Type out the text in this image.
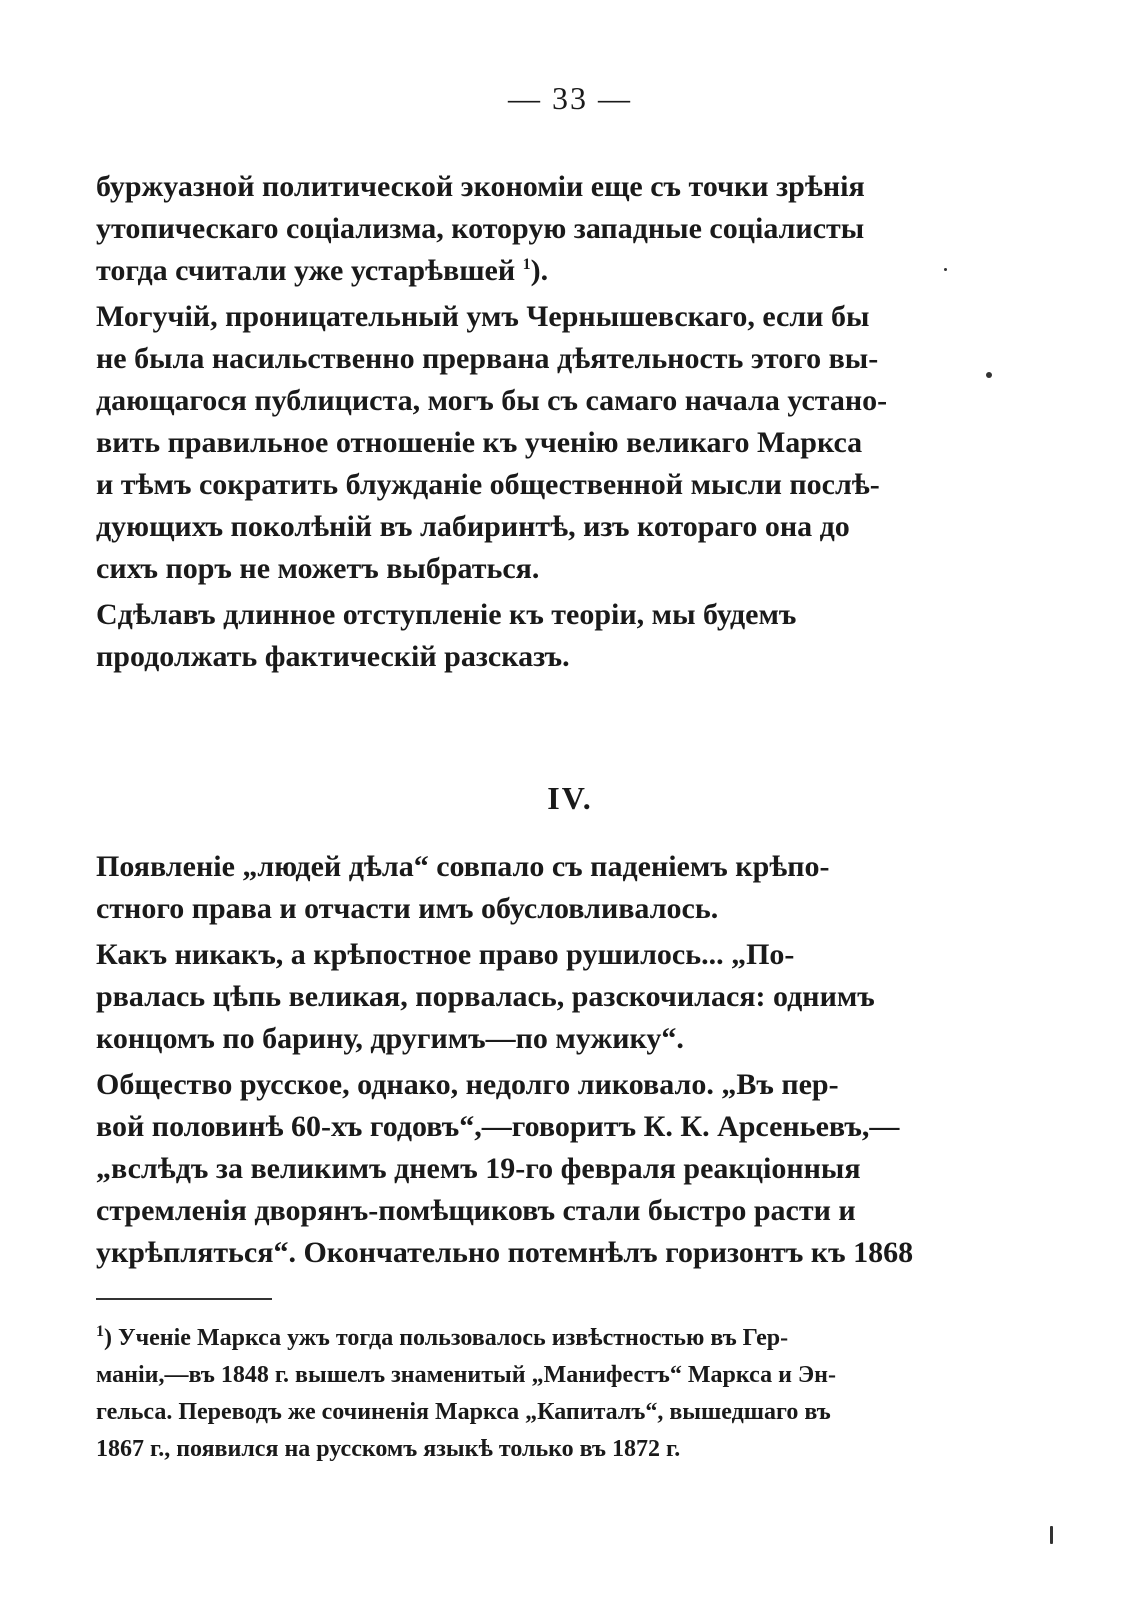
— 33 —
буржуазной политической экономіи еще съ точки зрѣнія
утопическаго соціализма, которую западные соціалисты
тогда считали уже устарѣвшей $^1$).
Могучій, проницательный умъ Чернышевскаго, если бы
не была насильственно прервана дѣятельность этого вы-
дающагося публициста, могъ бы съ самаго начала устано-
вить правильное отношеніе къ ученію великаго Маркса
и тѣмъ сократить блужданіе общественной мысли послѣ-
дующихъ поколѣній въ лабиринтѣ, изъ котораго она до
сихъ поръ не можетъ выбраться.
Сдѣлавъ длинное отступленіе къ теоріи, мы будемъ
продолжать фактическій разсказъ.
IV.
Появленіе „людей дѣла“ совпало съ паденіемъ крѣпо-
стного права и отчасти имъ обусловливалось.
Какъ никакъ, а крѣпостное право рушилось... „По-
рвалась цѣпь великая, порвалась, разскочилася: однимъ
концомъ по барину, другимъ—по мужику“.
Общество русское, однако, недолго ликовало. „Въ пер-
вой половинѣ 60-хъ годовъ“,—говоритъ К. К. Арсеньевъ,—
„вслѣдъ за великимъ днемъ 19-го февраля реакціонныя
стремленія дворянъ-помѣщиковъ стали быстро расти и
укрѣпляться“. Окончательно потемнѣлъ горизонтъ къ 1868
$^1$) Ученіе Маркса ужъ тогда пользовалось извѣстностью въ Гер-
маніи,—въ 1848 г. вышелъ знаменитый „Манифестъ“ Маркса и Эн-
гельса. Переводъ же сочиненія Маркса „Капиталъ“, вышедшаго въ
1867 г., появился на русскомъ языкѣ только въ 1872 г.
